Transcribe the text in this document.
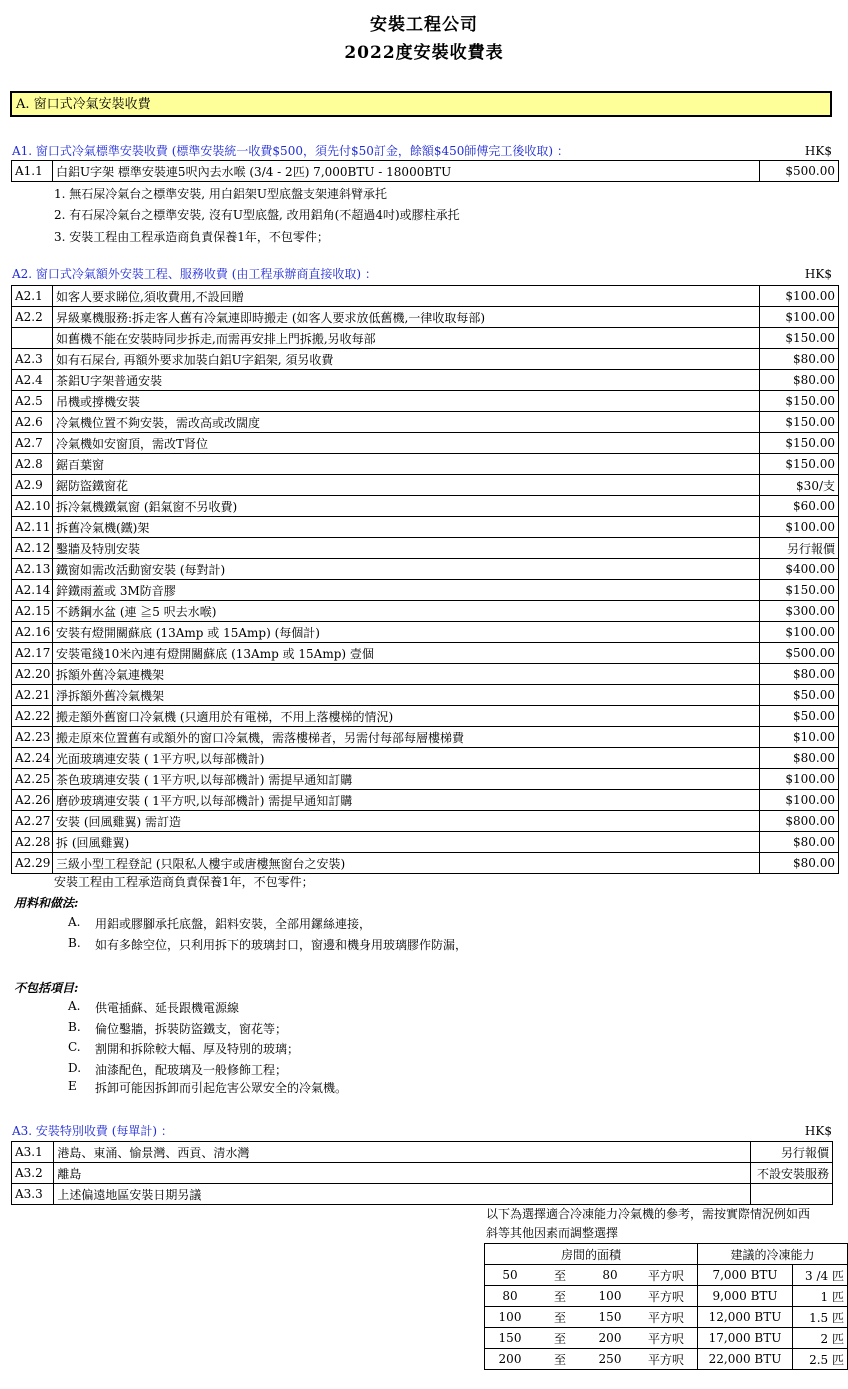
安裝工程公司
2022度安裝收費表
A. 窗口式冷氣安裝收費
A1. 窗口式冷氣標準安裝收費 (標準安裝統一收費$500，須先付$50訂金，餘額$450師傅完工後收取) ：	HK$
A1.1	白鋁U字架 標準安裝連5呎內去水喉 (3/4 - 2匹) 7,000BTU - 18000BTU	$500.00
1. 無石屎冷氣台之標準安裝, 用白鋁架U型底盤支架連斜臂承托
2. 有石屎冷氣台之標準安裝, 沒有U型底盤, 改用鋁角(不超過4吋)或膠柱承托
3. 安裝工程由工程承造商負責保養1年，不包零件；
A2. 窗口式冷氣額外安裝工程、服務收費 (由工程承辦商直接收取) ：	HK$
A2.1	如客人要求睇位,須收費用,不設回贈	$100.00
A2.2	昇級稟機服務:拆走客人舊有冷氣連即時搬走 (如客人要求放低舊機,一律收取每部)	$100.00
	如舊機不能在安裝時同步拆走,而需再安排上門拆搬,另收每部	$150.00
A2.3	如有石屎台, 再額外要求加裝白鋁U字鋁架, 須另收費	$80.00
A2.4	茶鋁U字架普通安裝	$80.00
A2.5	吊機或撐機安裝	$150.00
A2.6	冷氣機位置不夠安裝，需改高或改闊度	$150.00
A2.7	冷氣機如安窗頂，需改T肾位	$150.00
A2.8	鋸百葉窗	$150.00
A2.9	鋸防盜鐵窗花	$30/支
A2.10	拆冷氣機鐵氣窗 (鋁氣窗不另收費)	$60.00
A2.11	拆舊冷氣機(鐵)架	$100.00
A2.12	鑿牆及特別安裝	另行報價
A2.13	鐵窗如需改活動窗安裝 (每對計)	$400.00
A2.14	鋅鐵雨蓋或 3M防音膠	$150.00
A2.15	不銹鋼水盆 (連 ≧5 呎去水喉)	$300.00
A2.16	安裝有燈開關蘇底 (13Amp 或 15Amp) (每個計)	$100.00
A2.17	安裝電綫10米內連有燈開關蘇底 (13Amp 或 15Amp) 壹個	$500.00
A2.20	拆額外舊冷氣連機架	$80.00
A2.21	淨拆額外舊冷氣機架	$50.00
A2.22	搬走額外舊窗口冷氣機 (只適用於有電梯，不用上落樓梯的情況)	$50.00
A2.23	搬走原來位置舊有或額外的窗口冷氣機，需落樓梯者，另需付每部每層樓梯費	$10.00
A2.24	光面玻璃連安裝 ( 1平方呎,以每部機計)	$80.00
A2.25	茶色玻璃連安裝 ( 1平方呎,以每部機計) 需提早通知訂購	$100.00
A2.26	磨砂玻璃連安裝 ( 1平方呎,以每部機計) 需提早通知訂購	$100.00
A2.27	安裝 (回風雞翼) 需訂造	$800.00
A2.28	拆 (回風雞翼)	$80.00
A2.29	三級小型工程登記 (只限私人樓宇或唐樓無窗台之安裝)	$80.00
安裝工程由工程承造商負責保養1年，不包零件；
用料和做法:
A. 用鋁或膠腳承托底盤，鋁料安裝，全部用鏍絲連接，
B. 如有多餘空位，只利用拆下的玻璃封口，窗邊和機身用玻璃膠作防漏，
不包括項目:
A. 供電插蘇、延長跟機電源線
B. 倫位鑿牆，拆裝防盜鐵支，窗花等；
C. 割開和拆除較大幅、厚及特別的玻璃；
D. 油漆配色，配玻璃及一般修飾工程；
E 拆卸可能因拆卸而引起危害公眾安全的冷氣機。
A3. 安裝特別收費 (每單計) ：	HK$
A3.1	港島、東涌、愉景灣、西貢、清水灣	另行報價
A3.2	離島	不設安裝服務
A3.3	上述偏遠地區安裝日期另議	
以下為選擇適合冷凍能力冷氣機的參考，需按實際情況例如西
斜等其他因素而調整選擇
房間的面積				建議的冷凍能力	
50	至	80	平方呎	7,000 BTU	3 /4 匹
80	至	100	平方呎	9,000 BTU	1 匹
100	至	150	平方呎	12,000 BTU	1.5 匹
150	至	200	平方呎	17,000 BTU	2 匹
200	至	250	平方呎	22,000 BTU	2.5 匹
